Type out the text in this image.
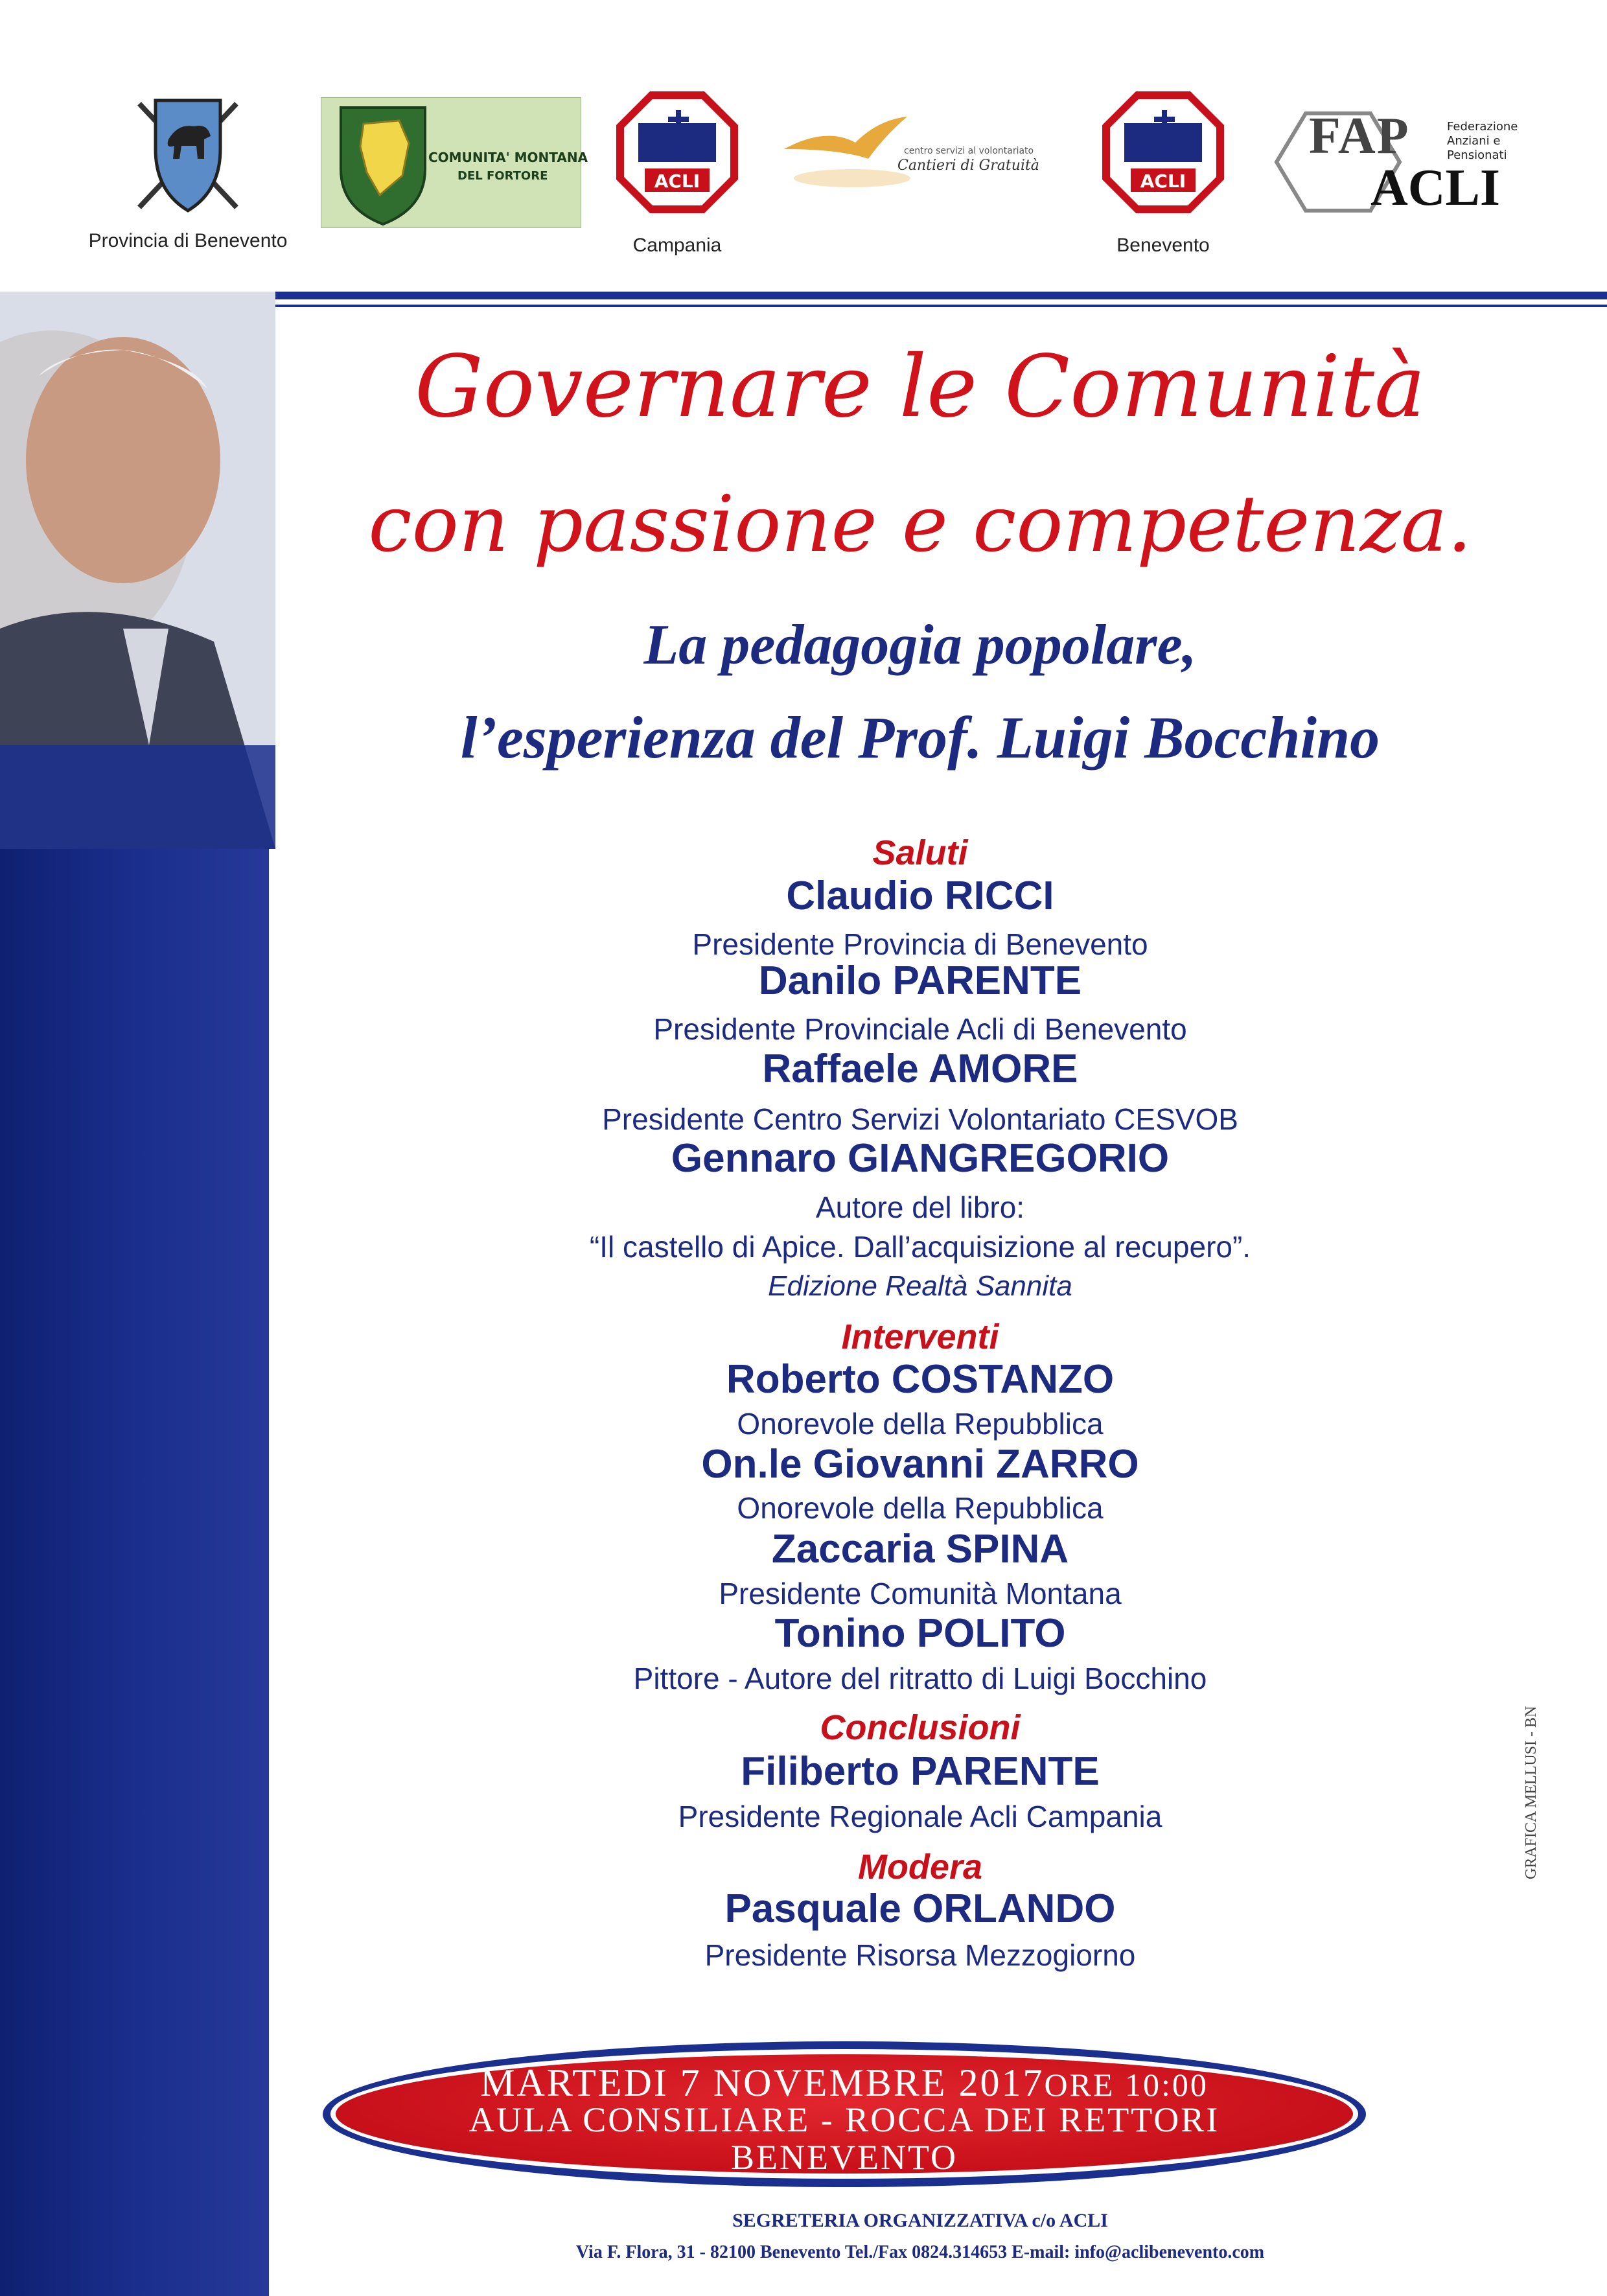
Provincia di Benevento
COMUNITA' MONTANA
DEL FORTORE	ACLI
Campania
centro servizi al volontariato
Cantieri di Gratuità
ACLI
Benevento
FAP
ACLI
Federazione
Anziani e
Pensionati
Governare le Comunità
con passione e competenza.
La pedagogia popolare,
l’esperienza del Prof. Luigi Bocchino
Saluti
Claudio RICCI
Presidente Provincia di Benevento
Danilo PARENTE
Presidente Provinciale Acli di Benevento
Raffaele AMORE
Presidente Centro Servizi Volontariato CESVOB
Gennaro GIANGREGORIO
Autore del libro:
“Il castello di Apice. Dall’acquisizione al recupero”.
Edizione Realtà Sannita
Interventi
Roberto COSTANZO
Onorevole della Repubblica
On.le Giovanni ZARRO
Onorevole della Repubblica
Zaccaria SPINA
Presidente Comunità Montana
Tonino POLITO
Pittore - Autore del ritratto di Luigi Bocchino
Conclusioni
Filiberto PARENTE
Presidente Regionale Acli Campania
Modera
Pasquale ORLANDO
Presidente Risorsa Mezzogiorno
MARTEDI 7 NOVEMBRE 2017ORE 10:00
AULA CONSILIARE - ROCCA DEI RETTORI
BENEVENTO
SEGRETERIA ORGANIZZATIVA c/o ACLI
Via F. Flora, 31 - 82100 Benevento Tel./Fax 0824.314653 E-mail: info@aclibenevento.com
GRAFICA MELLUSI - BN
